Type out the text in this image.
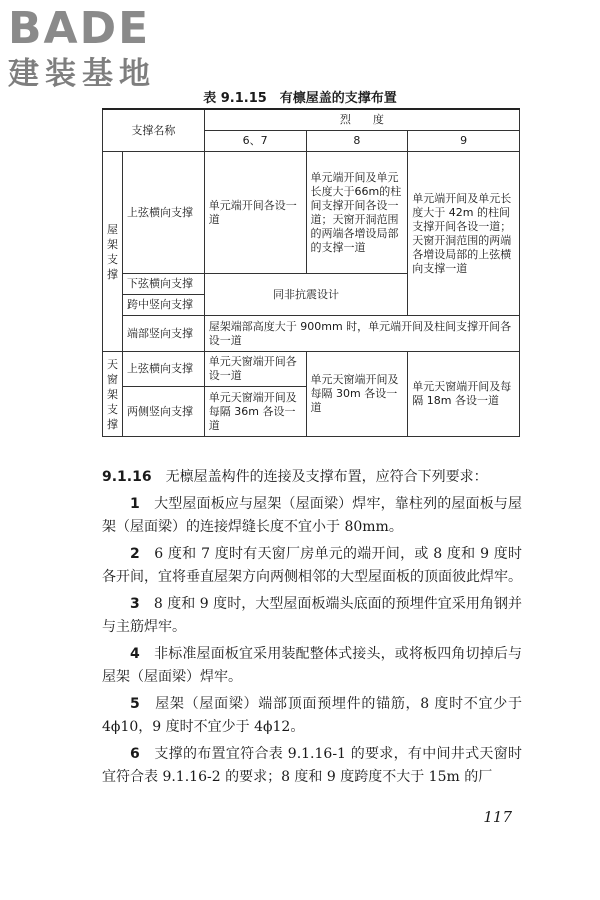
BADE
建装基地
表 9.1.15　有檩屋盖的支撑布置
支撑名称		烈　　度		
		6、7	8	9
屋架支撑	上弦横向支撑	单元端开间各设一道	单元端开间及单元长度大于66m的柱间支撑开间各设一道；天窗开洞范围的两端各增设局部的支撑一道	单元端开间及单元长度大于 42m 的柱间支撑开间各设一道；天窗开洞范围的两端各增设局部的上弦横向支撑一道
	下弦横向支撑	同非抗震设计		
	跨中竖向支撑			
	端部竖向支撑	屋架端部高度大于 900mm 时，单元端开间及柱间支撑开间各设一道		
天窗架支撑	上弦横向支撑	单元天窗端开间各设一道	单元天窗端开间及每隔 30m 各设一道	单元天窗端开间及每隔 18m 各设一道
	两侧竖向支撑	单元天窗端开间及每隔 36m 各设一道		

9.1.16　 无檩屋盖构件的连接及支撑布置，应符合下列要求：

1　 大型屋面板应与屋架（屋面梁）焊牢，靠柱列的屋面板与屋架（屋面梁）的连接焊缝长度不宜小于 80mm。

2　 6 度和 7 度时有天窗厂房单元的端开间，或 8 度和 9 度时各开间，宜将垂直屋架方向两侧相邻的大型屋面板的顶面彼此焊牢。

3　 8 度和 9 度时，大型屋面板端头底面的预埋件宜采用角钢并与主筋焊牢。

4　 非标准屋面板宜采用装配整体式接头，或将板四角切掉后与屋架（屋面梁）焊牢。

5　 屋架（屋面梁）端部顶面预埋件的锚筋，8 度时不宜少于 4ϕ10，9 度时不宜少于 4ϕ12。

6　 支撑的布置宜符合表 9.1.16-1 的要求，有中间井式天窗时宜符合表 9.1.16-2 的要求；8 度和 9 度跨度不大于 15m 的厂

117
